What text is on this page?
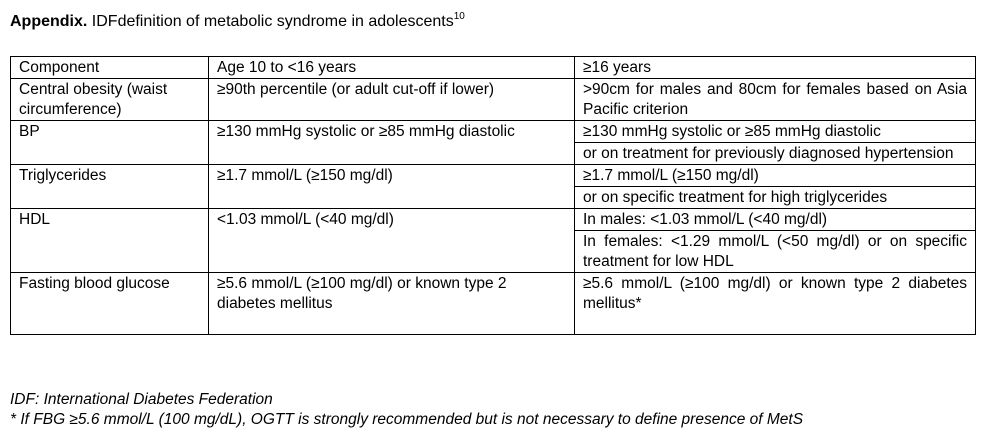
Appendix. IDFdefinition of metabolic syndrome in adolescents$^{10}$
Component	Age 10 to <16 years	≥16 years
Central obesity (waist circumference)	≥90th percentile (or adult cut-off if lower)	>90cm for males and 80cm for females based on Asia Pacific criterion
BP	≥130 mmHg systolic or ≥85 mmHg diastolic	≥130 mmHg systolic or ≥85 mmHg diastolic
		or on treatment for previously diagnosed hypertension
Triglycerides	≥1.7 mmol/L (≥150 mg/dl)	≥1.7 mmol/L (≥150 mg/dl)
		or on specific treatment for high triglycerides
HDL	<1.03 mmol/L (<40 mg/dl)	In males: <1.03 mmol/L (<40 mg/dl)
		In females: <1.29 mmol/L (<50 mg/dl) or on specific treatment for low HDL
Fasting blood glucose	≥5.6 mmol/L (≥100 mg/dl) or known type 2 diabetes mellitus	≥5.6 mmol/L (≥100 mg/dl) or known type 2 diabetes mellitus*
IDF: International Diabetes Federation
* If FBG ≥5.6 mmol/L (100 mg/dL), OGTT is strongly recommended but is not necessary to define presence of MetS
